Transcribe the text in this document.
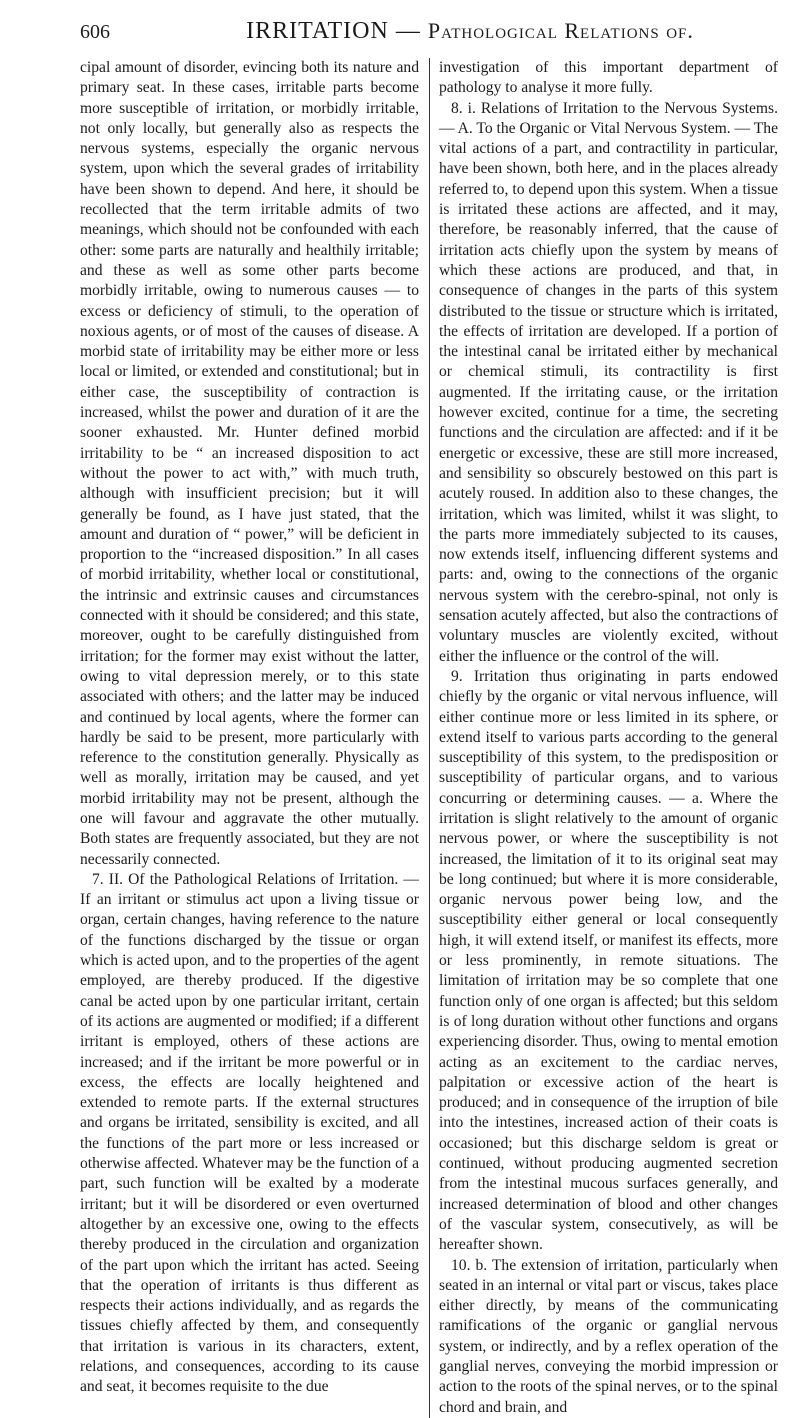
606	IRRITATION — Pathological Relations of.

cipal amount of disorder, evincing both its nature and primary seat. In these cases, irritable parts become more susceptible of irritation, or morbidly irritable, not only locally, but generally also as respects the nervous systems, especially the organic nervous system, upon which the several grades of irritability have been shown to depend. And here, it should be recollected that the term irritable admits of two meanings, which should not be confounded with each other: some parts are naturally and healthily irritable; and these as well as some other parts become morbidly irritable, owing to numerous causes — to excess or deficiency of stimuli, to the operation of noxious agents, or of most of the causes of disease. A morbid state of irritability may be either more or less local or limited, or extended and constitutional; but in either case, the susceptibility of contraction is increased, whilst the power and duration of it are the sooner exhausted. Mr. Hunter defined morbid irritability to be “ an increased disposition to act without the power to act with,” with much truth, although with insufficient precision; but it will generally be found, as I have just stated, that the amount and duration of “ power,” will be deficient in proportion to the “increased disposition.” In all cases of morbid irritability, whether local or constitutional, the intrinsic and extrinsic causes and circumstances connected with it should be considered; and this state, moreover, ought to be carefully distinguished from irritation; for the former may exist without the latter, owing to vital depression merely, or to this state associated with others; and the latter may be induced and continued by local agents, where the former can hardly be said to be present, more particularly with reference to the constitution generally. Physically as well as morally, irritation may be caused, and yet morbid irritability may not be present, although the one will favour and aggravate the other mutually. Both states are frequently associated, but they are not necessarily connected.

7. II. Of the Pathological Relations of Irritation. — If an irritant or stimulus act upon a living tissue or organ, certain changes, having reference to the nature of the functions discharged by the tissue or organ which is acted upon, and to the properties of the agent employed, are thereby produced. If the digestive canal be acted upon by one particular irritant, certain of its actions are augmented or modified; if a different irritant is employed, others of these actions are increased; and if the irritant be more powerful or in excess, the effects are locally heightened and extended to remote parts. If the external structures and organs be irritated, sensibility is excited, and all the functions of the part more or less increased or otherwise affected. Whatever may be the function of a part, such function will be exalted by a moderate irritant; but it will be disordered or even overturned altogether by an excessive one, owing to the effects thereby produced in the circulation and organization of the part upon which the irritant has acted. Seeing that the operation of irritants is thus different as respects their actions individually, and as regards the tissues chiefly affected by them, and consequently that irritation is various in its characters, extent, relations, and consequences, according to its cause and seat, it becomes requisite to the due

investigation of this important department of pathology to analyse it more fully.

8. i. Relations of Irritation to the Nervous Systems. — A. To the Organic or Vital Nervous System. — The vital actions of a part, and contractility in particular, have been shown, both here, and in the places already referred to, to depend upon this system. When a tissue is irritated these actions are affected, and it may, therefore, be reasonably inferred, that the cause of irritation acts chiefly upon the system by means of which these actions are produced, and that, in consequence of changes in the parts of this system distributed to the tissue or structure which is irritated, the effects of irritation are developed. If a portion of the intestinal canal be irritated either by mechanical or chemical stimuli, its contractility is first augmented. If the irritating cause, or the irritation however excited, continue for a time, the secreting functions and the circulation are affected: and if it be energetic or excessive, these are still more increased, and sensibility so obscurely bestowed on this part is acutely roused. In addition also to these changes, the irritation, which was limited, whilst it was slight, to the parts more immediately subjected to its causes, now extends itself, influencing different systems and parts: and, owing to the connections of the organic nervous system with the cerebro-spinal, not only is sensation acutely affected, but also the contractions of voluntary muscles are violently excited, without either the influence or the control of the will.

9. Irritation thus originating in parts endowed chiefly by the organic or vital nervous influence, will either continue more or less limited in its sphere, or extend itself to various parts according to the general susceptibility of this system, to the predisposition or susceptibility of particular organs, and to various concurring or determining causes. — a. Where the irritation is slight relatively to the amount of organic nervous power, or where the susceptibility is not increased, the limitation of it to its original seat may be long continued; but where it is more considerable, organic nervous power being low, and the susceptibility either general or local consequently high, it will extend itself, or manifest its effects, more or less prominently, in remote situations. The limitation of irritation may be so complete that one function only of one organ is affected; but this seldom is of long duration without other functions and organs experiencing disorder. Thus, owing to mental emotion acting as an excitement to the cardiac nerves, palpitation or excessive action of the heart is produced; and in consequence of the irruption of bile into the intestines, increased action of their coats is occasioned; but this discharge seldom is great or continued, without producing augmented secretion from the intestinal mucous surfaces generally, and increased determination of blood and other changes of the vascular system, consecutively, as will be hereafter shown.

10. b. The extension of irritation, particularly when seated in an internal or vital part or viscus, takes place either directly, by means of the communicating ramifications of the organic or ganglial nervous system, or indirectly, and by a reflex operation of the ganglial nerves, conveying the morbid impression or action to the roots of the spinal nerves, or to the spinal chord and brain, and
